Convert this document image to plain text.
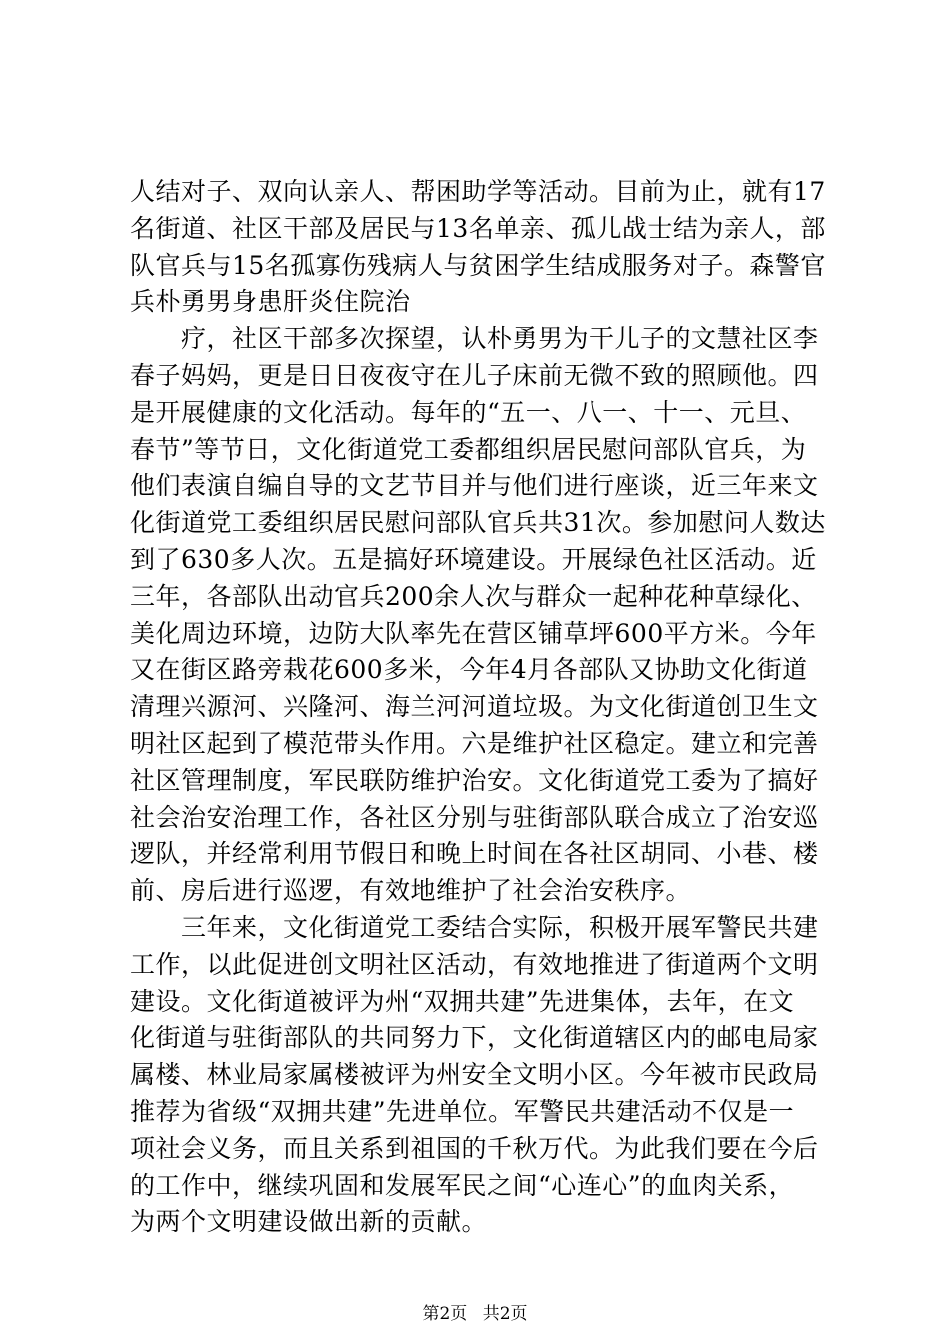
人结对子、双向认亲人、帮困助学等活动。目前为止，就有17
名街道、社区干部及居民与13名单亲、孤儿战士结为亲人，部
队官兵与15名孤寡伤残病人与贫困学生结成服务对子。森警官
兵朴勇男身患肝炎住院治
　　疗，社区干部多次探望，认朴勇男为干儿子的文慧社区李
春子妈妈，更是日日夜夜守在儿子床前无微不致的照顾他。四
是开展健康的文化活动。每年的“五一、八一、十一、元旦、
春节”等节日，文化街道党工委都组织居民慰问部队官兵，为
他们表演自编自导的文艺节目并与他们进行座谈，近三年来文
化街道党工委组织居民慰问部队官兵共31次。参加慰问人数达
到了630多人次。五是搞好环境建设。开展绿色社区活动。近
三年，各部队出动官兵200余人次与群众一起种花种草绿化、
美化周边环境，边防大队率先在营区铺草坪600平方米。今年
又在街区路旁栽花600多米，今年4月各部队又协助文化街道
清理兴源河、兴隆河、海兰河河道垃圾。为文化街道创卫生文
明社区起到了模范带头作用。六是维护社区稳定。建立和完善
社区管理制度，军民联防维护治安。文化街道党工委为了搞好
社会治安治理工作，各社区分别与驻街部队联合成立了治安巡
逻队，并经常利用节假日和晚上时间在各社区胡同、小巷、楼
前、房后进行巡逻，有效地维护了社会治安秩序。
　　三年来，文化街道党工委结合实际，积极开展军警民共建
工作，以此促进创文明社区活动，有效地推进了街道两个文明
建设。文化街道被评为州“双拥共建”先进集体，去年，在文
化街道与驻街部队的共同努力下，文化街道辖区内的邮电局家
属楼、林业局家属楼被评为州安全文明小区。今年被市民政局
推荐为省级“双拥共建”先进单位。军警民共建活动不仅是一
项社会义务，而且关系到祖国的千秋万代。为此我们要在今后
的工作中，继续巩固和发展军民之间“心连心”的血肉关系，
为两个文明建设做出新的贡献。
第2页 共2页
